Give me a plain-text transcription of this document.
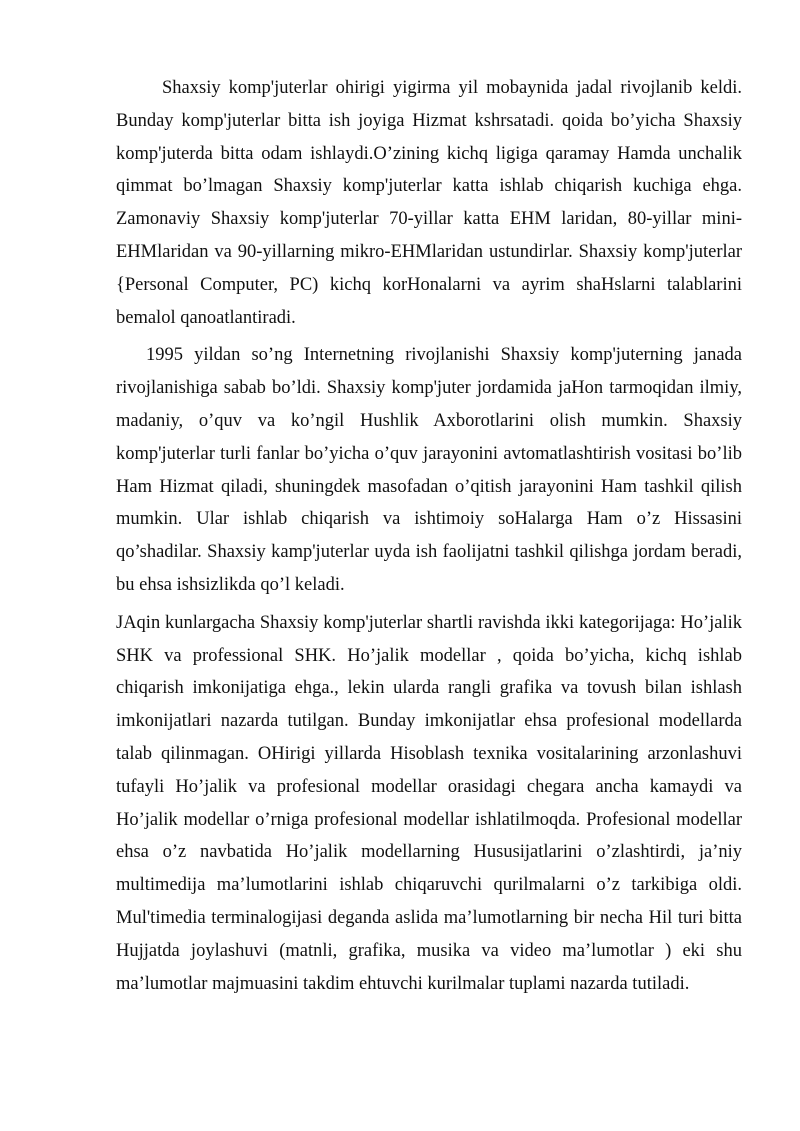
Shaxsiy komp'juterlar ohirigi yigirma yil mobaynida jadal rivojlanib keldi. Bunday komp'juterlar bitta ish joyiga Hizmat kshrsatadi. qoida bo’yicha Shaxsiy komp'juterda bitta odam ishlaydi.O’zining kichq ligiga qaramay Hamda unchalik qimmat bo’lmagan Shaxsiy komp'juterlar katta ishlab chiqarish kuchiga ehga. Zamonaviy Shaxsiy komp'juterlar 70-yillar katta EHM laridan, 80-yillar mini-EHMlaridan va 90-yillarning mikro-EHMlaridan ustundirlar. Shaxsiy komp'juterlar {Personal Computer, PC) kichq korHonalarni va ayrim shaHslarni talablarini bemalol qanoatlantiradi.

1995 yildan so’ng Internetning rivojlanishi Shaxsiy komp'juterning janada rivojlanishiga sabab bo’ldi. Shaxsiy komp'juter jordamida jaHon tarmoqidan ilmiy, madaniy, o’quv va ko’ngil Hushlik Axborotlarini olish mumkin. Shaxsiy komp'juterlar turli fanlar bo’yicha o’quv jarayonini avtomatlashtirish vositasi bo’lib Ham Hizmat qiladi, shuningdek masofadan o’qitish jarayonini Ham tashkil qilish mumkin. Ular ishlab chiqarish va ishtimoiy soHalarga Ham o’z Hissasini qo’shadilar. Shaxsiy kamp'juterlar uyda ish faolijatni tashkil qilishga jordam beradi, bu ehsa ishsizlikda qo’l keladi.

JAqin kunlargacha Shaxsiy komp'juterlar shartli ravishda ikki kategorijaga: Ho’jalik SHK va professional SHK. Ho’jalik modellar , qoida bo’yicha, kichq ishlab chiqarish imkonijatiga ehga., lekin ularda rangli grafika va tovush bilan ishlash imkonijatlari nazarda tutilgan. Bunday imkonijatlar ehsa profesional modellarda talab qilinmagan. OHirigi yillarda Hisoblash texnika vositalarining arzonlashuvi tufayli Ho’jalik va profesional modellar orasidagi chegara ancha kamaydi va Ho’jalik modellar o’rniga profesional modellar ishlatilmoqda. Profesional modellar ehsa o’z navbatida Ho’jalik modellarning Hususijatlarini o’zlashtirdi, ja’niy multimedija ma’lumotlarini ishlab chiqaruvchi qurilmalarni o’z tarkibiga oldi. Mul'timedia terminalogijasi deganda aslida ma’lumotlarning bir necha Hil turi bitta Hujjatda joylashuvi (matnli, grafika, musika va video ma’lumotlar ) eki shu ma’lumotlar majmuasini takdim ehtuvchi kurilmalar tuplami nazarda tutiladi.
